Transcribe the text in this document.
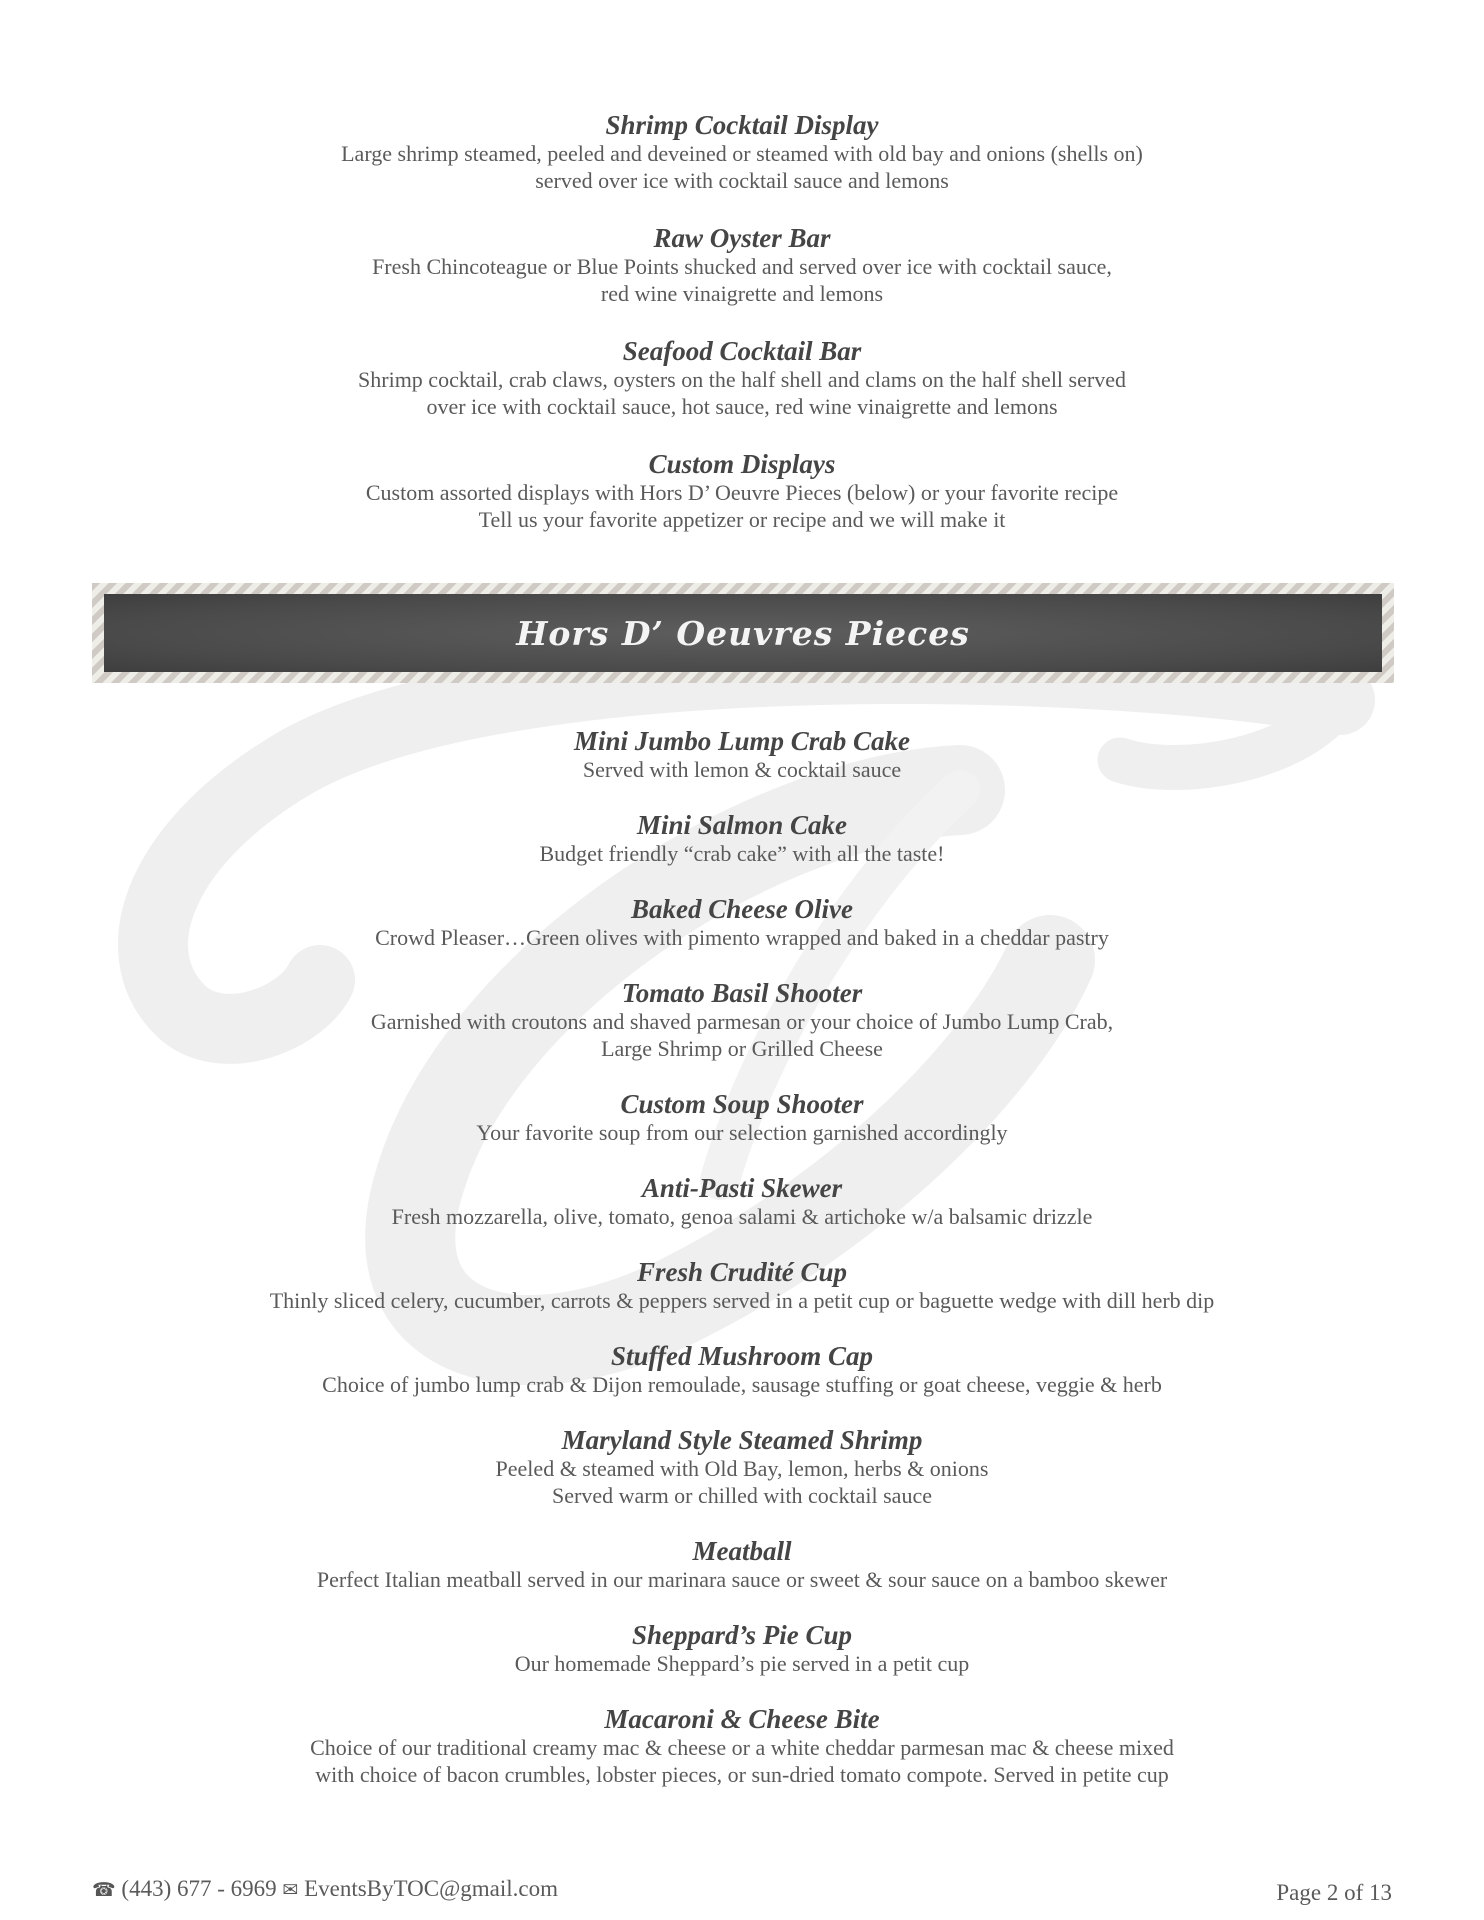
Shrimp Cocktail Display
Large shrimp steamed, peeled and deveined or steamed with old bay and onions (shells on)
served over ice with cocktail sauce and lemons
Raw Oyster Bar
Fresh Chincoteague or Blue Points shucked and served over ice with cocktail sauce,
red wine vinaigrette and lemons
Seafood Cocktail Bar
Shrimp cocktail, crab claws, oysters on the half shell and clams on the half shell served
over ice with cocktail sauce, hot sauce, red wine vinaigrette and lemons
Custom Displays
Custom assorted displays with Hors D’ Oeuvre Pieces (below) or your favorite recipe
Tell us your favorite appetizer or recipe and we will make it
Hors D’ Oeuvres Pieces
Mini Jumbo Lump Crab Cake
Served with lemon & cocktail sauce
Mini Salmon Cake
Budget friendly “crab cake” with all the taste!
Baked Cheese Olive
Crowd Pleaser…Green olives with pimento wrapped and baked in a cheddar pastry
Tomato Basil Shooter
Garnished with croutons and shaved parmesan or your choice of Jumbo Lump Crab,
Large Shrimp or Grilled Cheese
Custom Soup Shooter
Your favorite soup from our selection garnished accordingly
Anti-Pasti Skewer
Fresh mozzarella, olive, tomato, genoa salami & artichoke w/a balsamic drizzle
Fresh Crudité Cup
Thinly sliced celery, cucumber, carrots & peppers served in a petit cup or baguette wedge with dill herb dip
Stuffed Mushroom Cap
Choice of jumbo lump crab & Dijon remoulade, sausage stuffing or goat cheese, veggie & herb
Maryland Style Steamed Shrimp
Peeled & steamed with Old Bay, lemon, herbs & onions
Served warm or chilled with cocktail sauce
Meatball
Perfect Italian meatball served in our marinara sauce or sweet & sour sauce on a bamboo skewer
Sheppard’s Pie Cup
Our homemade Sheppard’s pie served in a petit cup
Macaroni & Cheese Bite
Choice of our traditional creamy mac & cheese or a white cheddar parmesan mac & cheese mixed
with choice of bacon crumbles, lobster pieces, or sun-dried tomato compote. Served in petite cup
☎ (443) 677 - 6969 ✉ EventsByTOC@gmail.com	Page 2 of 13
